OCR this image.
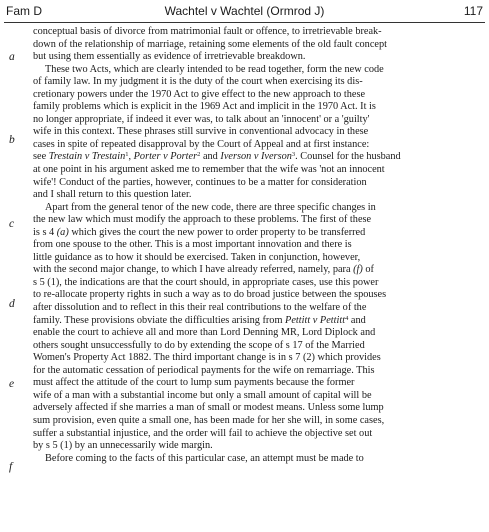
Fam D	Wachtel v Wachtel (Ormrod J)	117
a
b
c
d
e
f
conceptual basis of divorce from matrimonial fault or offence, to irretrievable break-
down of the relationship of marriage, retaining some elements of the old fault concept
but using them essentially as evidence of irretrievable breakdown.
These two Acts, which are clearly intended to be read together, form the new code
of family law. In my judgment it is the duty of the court when exercising its dis-
cretionary powers under the 1970 Act to give effect to the new approach to these
family problems which is explicit in the 1969 Act and implicit in the 1970 Act. It is
no longer appropriate, if indeed it ever was, to talk about an 'innocent' or a 'guilty'
wife in this context. These phrases still survive in conventional advocacy in these
cases in spite of repeated disapproval by the Court of Appeal and at first instance:
see Trestain v Trestain$^1$, Porter v Porter$^2$ and Iverson v Iverson$^3$. Counsel for the husband
at one point in his argument asked me to remember that the wife was 'not an innocent
wife'! Conduct of the parties, however, continues to be a matter for consideration
and I shall return to this question later.
Apart from the general tenor of the new code, there are three specific changes in
the new law which must modify the approach to these problems. The first of these
is s 4 (a) which gives the court the new power to order property to be transferred
from one spouse to the other. This is a most important innovation and there is
little guidance as to how it should be exercised. Taken in conjunction, however,
with the second major change, to which I have already referred, namely, para (f) of
s 5 (1), the indications are that the court should, in appropriate cases, use this power
to re-allocate property rights in such a way as to do broad justice between the spouses
after dissolution and to reflect in this their real contributions to the welfare of the
family. These provisions obviate the difficulties arising from Pettitt v Pettitt$^4$ and
enable the court to achieve all and more than Lord Denning MR, Lord Diplock and
others sought unsuccessfully to do by extending the scope of s 17 of the Married
Women's Property Act 1882. The third important change is in s 7 (2) which provides
for the automatic cessation of periodical payments for the wife on remarriage. This
must affect the attitude of the court to lump sum payments because the former
wife of a man with a substantial income but only a small amount of capital will be
adversely affected if she marries a man of small or modest means. Unless some lump
sum provision, even quite a small one, has been made for her she will, in some cases,
suffer a substantial injustice, and the order will fail to achieve the objective set out
by s 5 (1) by an unnecessarily wide margin.
Before coming to the facts of this particular case, an attempt must be made to
